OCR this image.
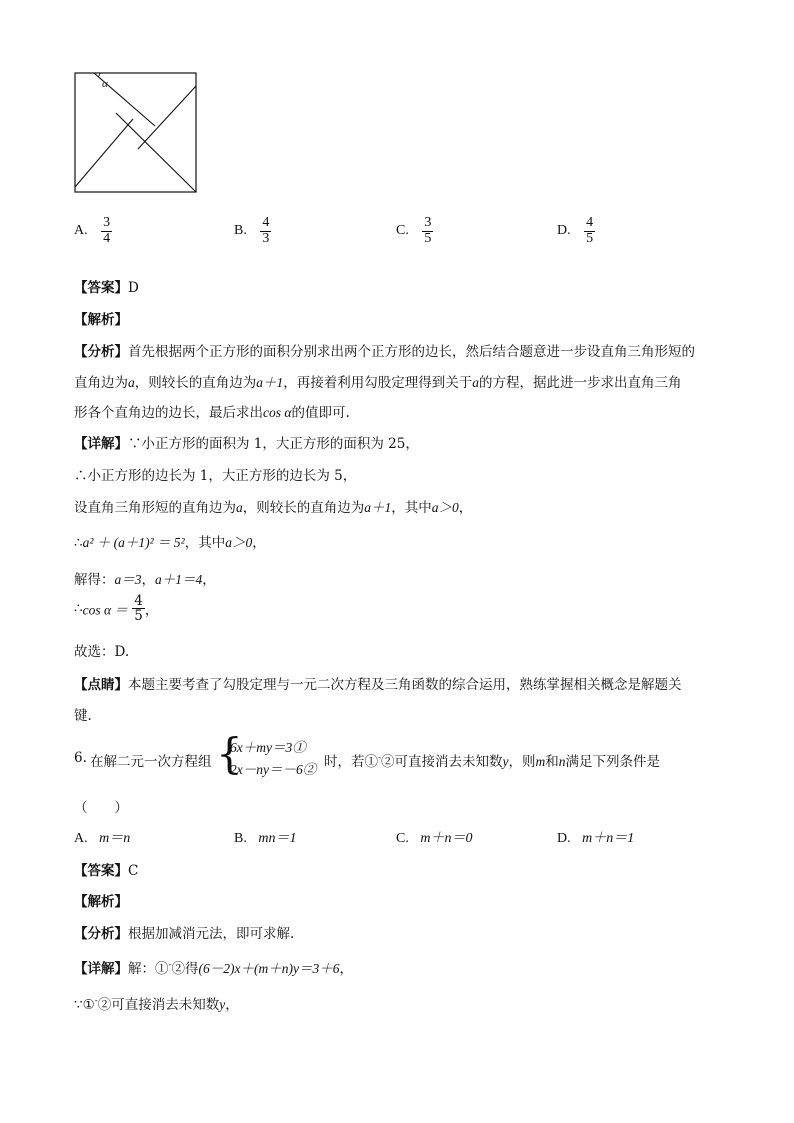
α
A. $\frac{3}{4}$	B. $\frac{4}{3}$	C. $\frac{3}{5}$	D. $\frac{4}{5}$
【答案】D
【解析】
【分析】首先根据两个正方形的面积分别求出两个正方形的边长，然后结合题意进一步设直角三角形短的
直角边为a，则较长的直角边为a＋1，再接着利用勾股定理得到关于a的方程，据此进一步求出直角三角
形各个直角边的边长，最后求出cos α的值即可.
【详解】∵小正方形的面积为 1，大正方形的面积为 25，
∴小正方形的边长为 1，大正方形的边长为 5，
设直角三角形短的直角边为a，则较长的直角边为a＋1，其中a＞0，
∴a² ＋ (a＋1)² ＝ 5²，其中a＞0，
解得：a＝3，a＋1＝4，
∴cos $\alpha = \frac{4}{5}$ ，
故选：D.
【点睛】本题主要考查了勾股定理与一元二次方程及三角函数的综合运用，熟练掌握相关概念是解题关
键.
6. 在解二元一次方程组 {
6x＋my＝3①
2x－ny＝－6② 时，若①-②可直接消去未知数y，则m和n满足下列条件是
（　　）
A. m＝n	B. mn＝1	C. m＋n＝0	D. m＋n＝1
【答案】C
【解析】
【分析】根据加减消元法，即可求解.
【详解】解：①-②得(6－2)x＋(m＋n)y＝3＋6，
∵①-②可直接消去未知数y，
